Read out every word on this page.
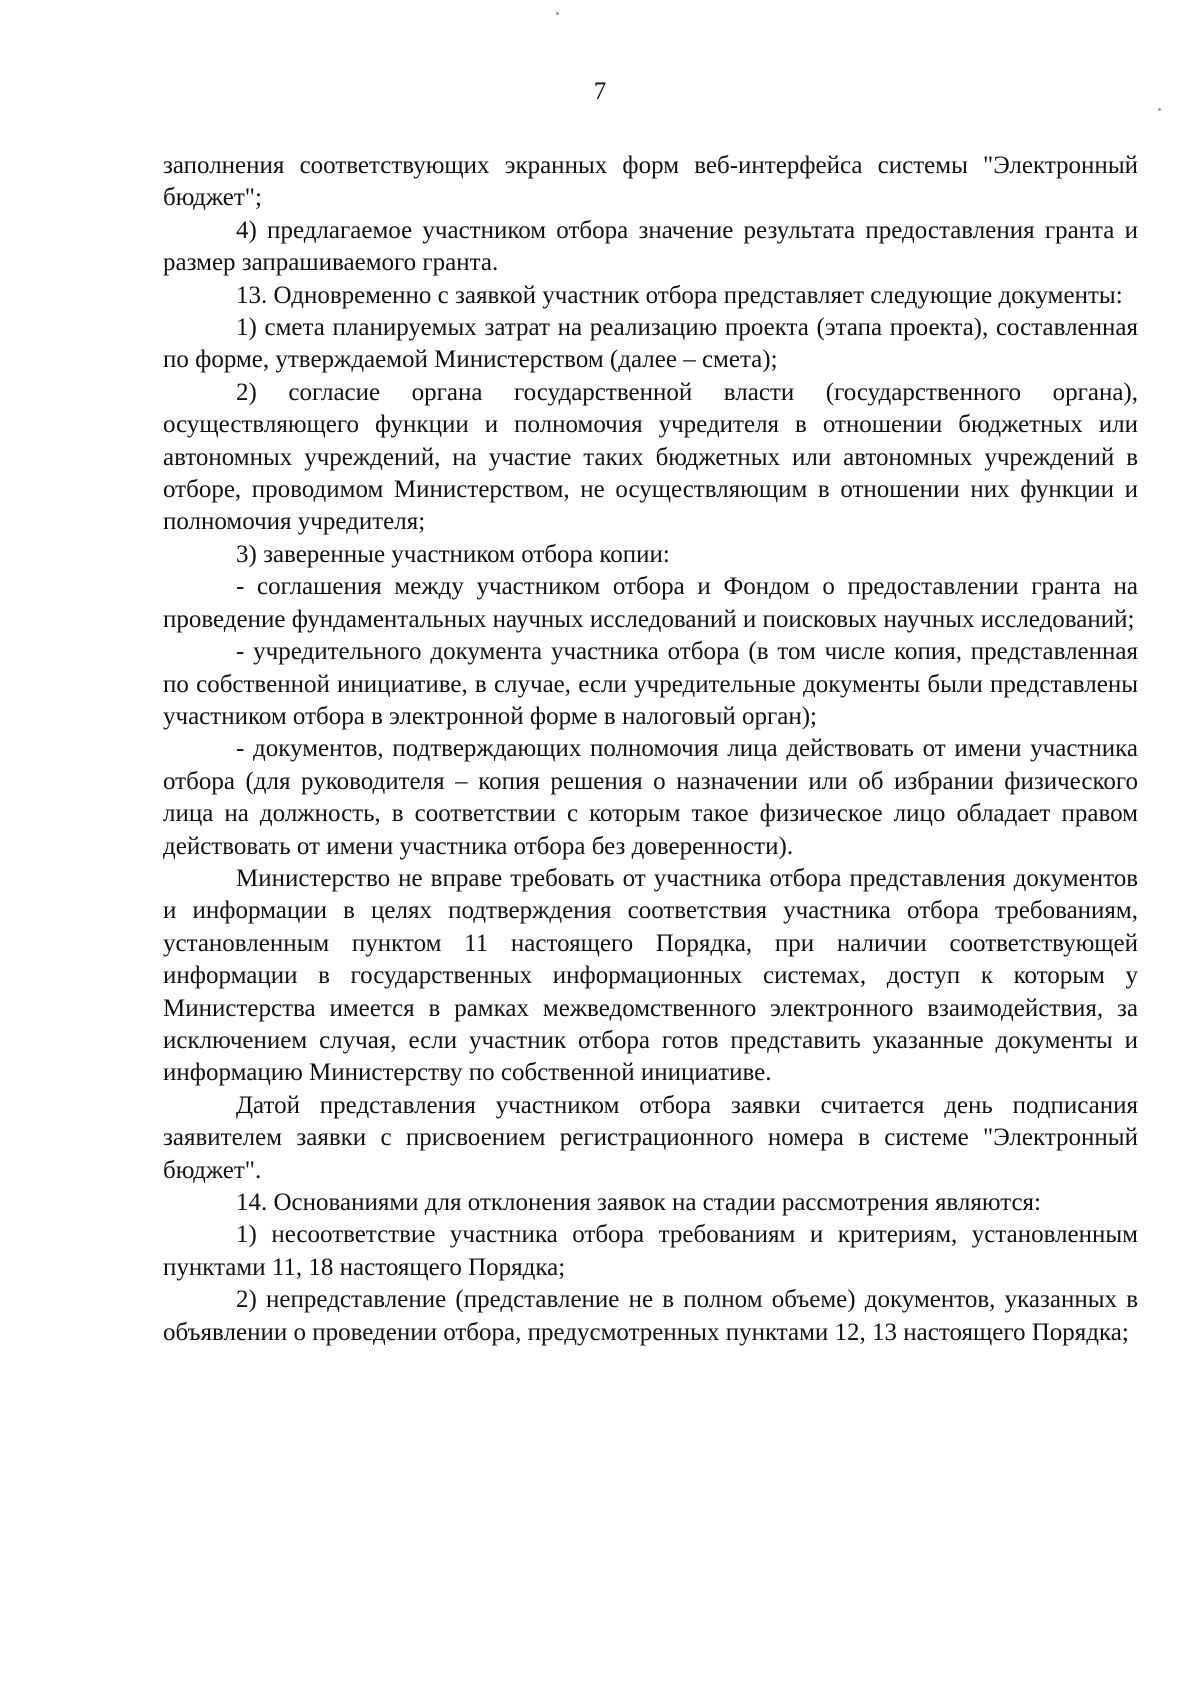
7

заполнения соответствующих экранных форм веб-интерфейса системы "Электронный бюджет";

4) предлагаемое участником отбора значение результата предоставления гранта и размер запрашиваемого гранта.

13. Одновременно с заявкой участник отбора представляет следующие документы:

1) смета планируемых затрат на реализацию проекта (этапа проекта), составленная по форме, утверждаемой Министерством (далее – смета);

2) согласие органа государственной власти (государственного органа), осуществляющего функции и полномочия учредителя в отношении бюджетных или автономных учреждений, на участие таких бюджетных или автономных учреждений в отборе, проводимом Министерством, не осуществляющим в отношении них функции и полномочия учредителя;

3) заверенные участником отбора копии:

- соглашения между участником отбора и Фондом о предоставлении гранта на проведение фундаментальных научных исследований и поисковых научных исследований;

- учредительного документа участника отбора (в том числе копия, представленная по собственной инициативе, в случае, если учредительные документы были представлены участником отбора в электронной форме в налоговый орган);

- документов, подтверждающих полномочия лица действовать от имени участника отбора (для руководителя – копия решения о назначении или об избрании физического лица на должность, в соответствии с которым такое физическое лицо обладает правом действовать от имени участника отбора без доверенности).

Министерство не вправе требовать от участника отбора представления документов и информации в целях подтверждения соответствия участника отбора требованиям, установленным пунктом 11 настоящего Порядка, при наличии соответствующей информации в государственных информационных системах, доступ к которым у Министерства имеется в рамках межведомственного электронного взаимодействия, за исключением случая, если участник отбора готов представить указанные документы и информацию Министерству по собственной инициативе.

Датой представления участником отбора заявки считается день подписания заявителем заявки с присвоением регистрационного номера в системе "Электронный бюджет".

14. Основаниями для отклонения заявок на стадии рассмотрения являются:

1) несоответствие участника отбора требованиям и критериям, установленным пунктами 11, 18 настоящего Порядка;

2) непредставление (представление не в полном объеме) документов, указанных в объявлении о проведении отбора, предусмотренных пунктами 12, 13 настоящего Порядка;
